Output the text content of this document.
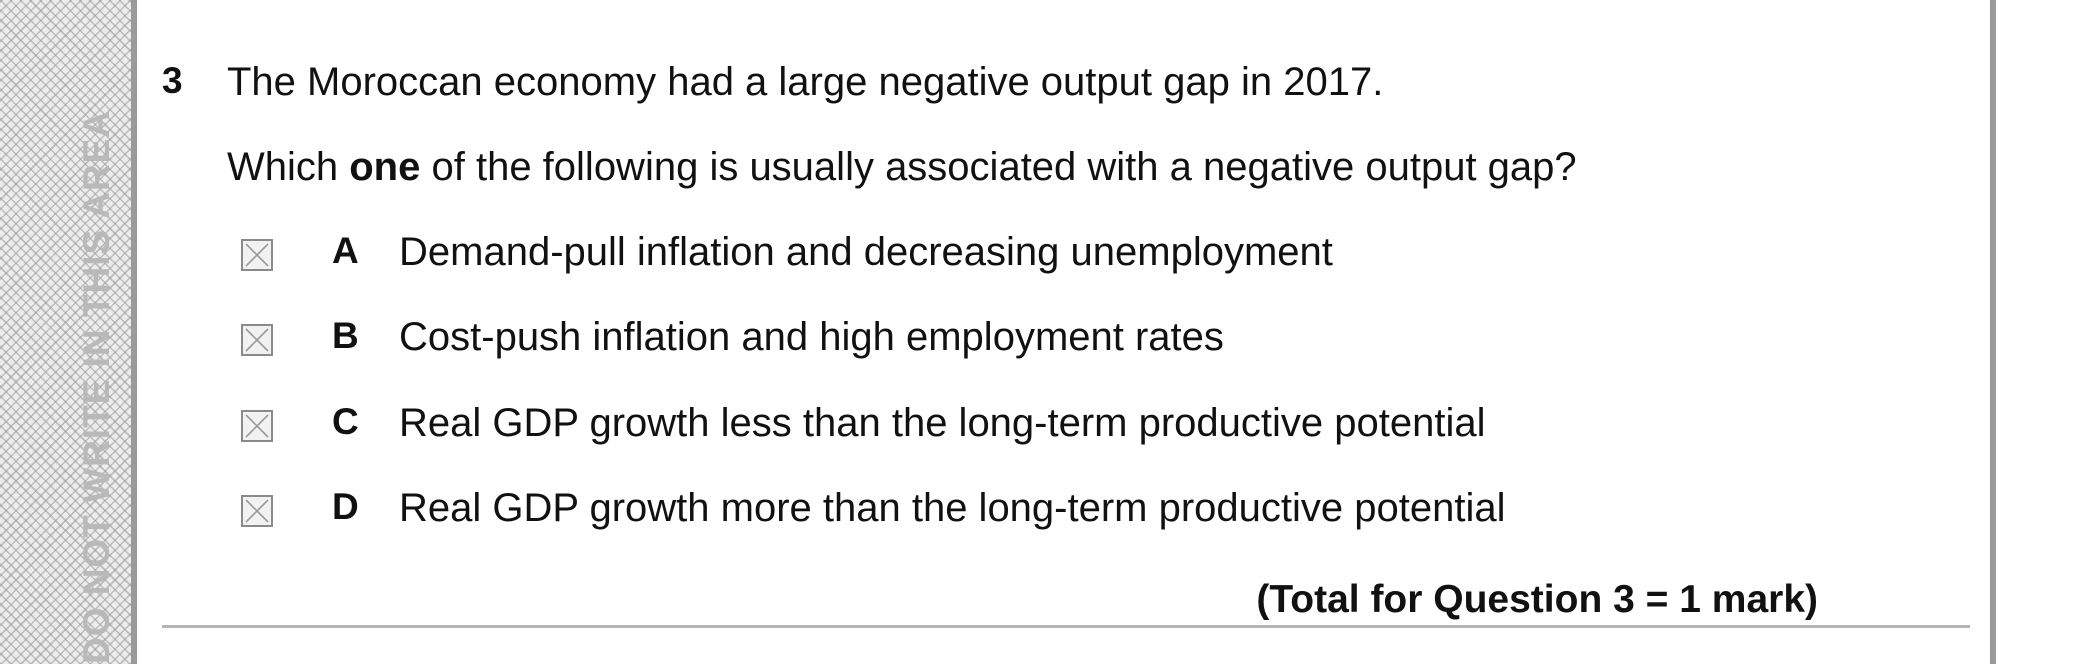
DO NOT WRITE IN THIS AREA
3 The Moroccan economy had a large negative output gap in 2017.
Which one of the following is usually associated with a negative output gap?
A Demand-pull inflation and decreasing unemployment
B Cost-push inflation and high employment rates
C Real GDP growth less than the long-term productive potential
D Real GDP growth more than the long-term productive potential
(Total for Question 3 = 1 mark)
